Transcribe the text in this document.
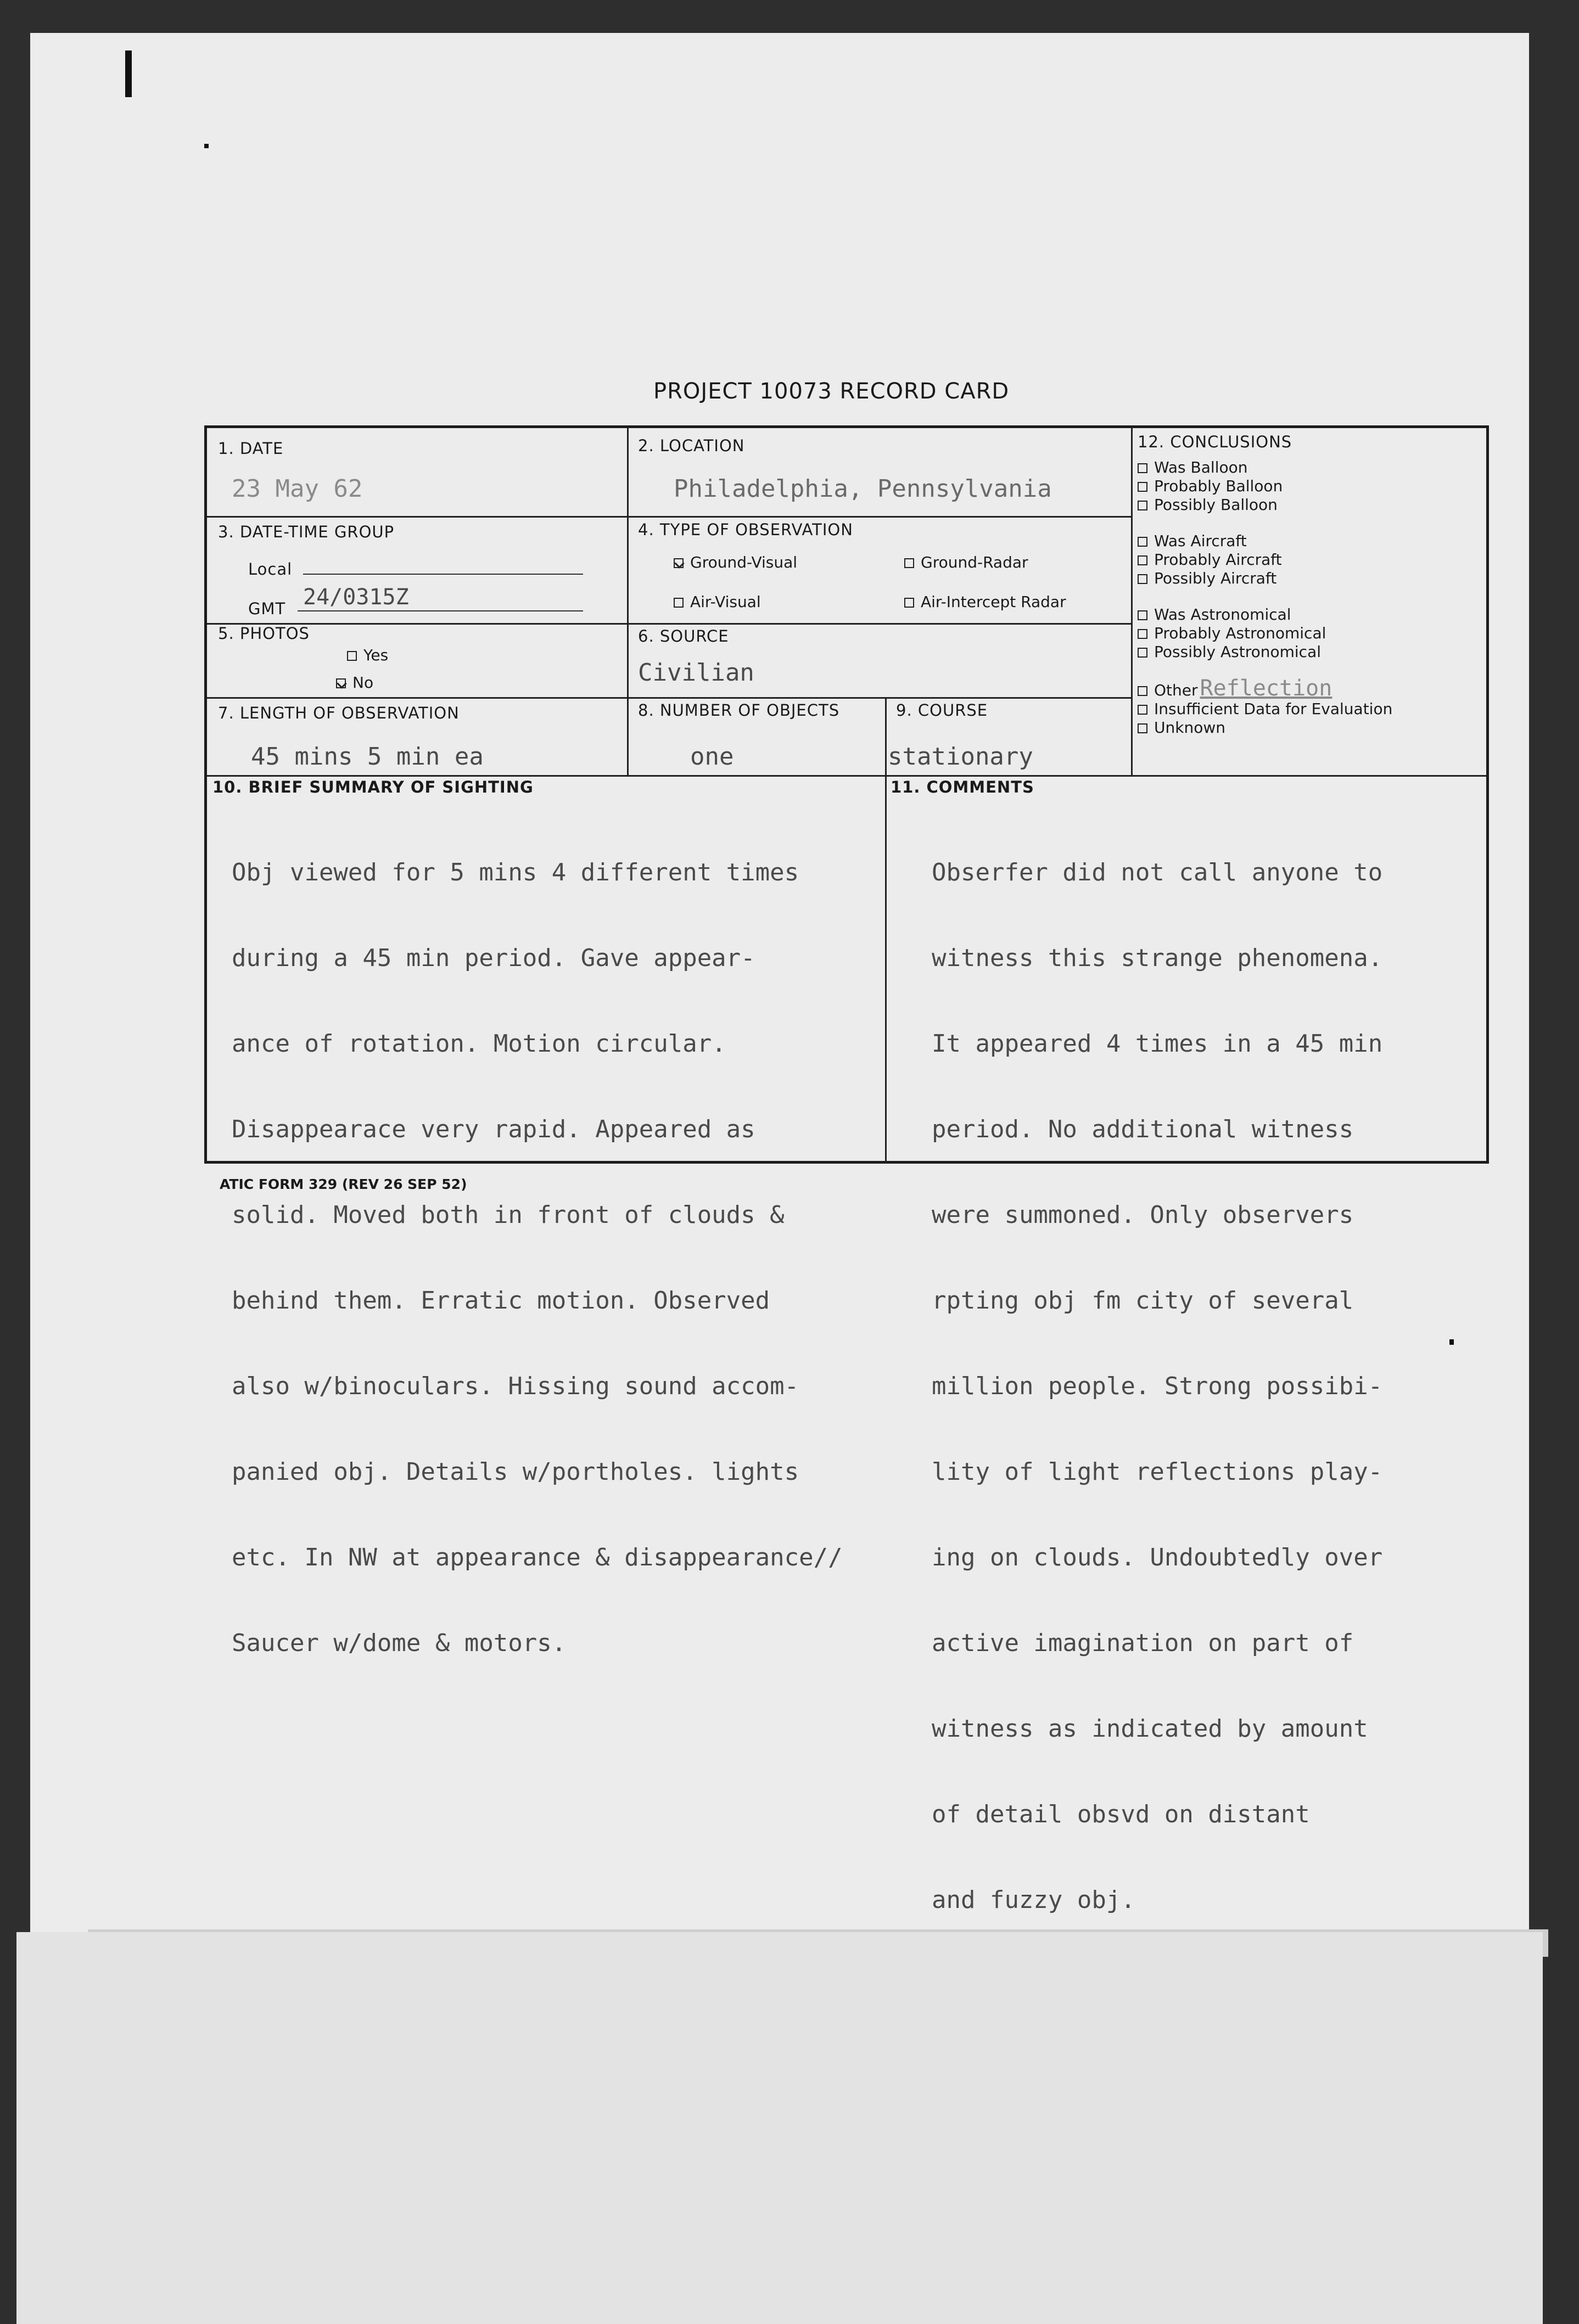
PROJECT 10073 RECORD CARD
1. DATE
23 May 62
2. LOCATION
Philadelphia, Pennsylvania
3. DATE-TIME GROUP
Local
GMT 24/0315Z
4. TYPE OF OBSERVATION
Ground-Visual	Ground-Radar
Air-Visual	Air-Intercept Radar
5. PHOTOS
Yes
No
6. SOURCE
Civilian
7. LENGTH OF OBSERVATION
45 mins 5 min ea
8. NUMBER OF OBJECTS
one
9. COURSE
stationary
12. CONCLUSIONS
Was Balloon
Probably Balloon
Possibly Balloon
Was Aircraft
Probably Aircraft
Possibly Aircraft
Was Astronomical
Probably Astronomical
Possibly Astronomical
Other Reflection
Insufficient Data for Evaluation
Unknown
10. BRIEF SUMMARY OF SIGHTING

Obj viewed for 5 mins 4 different times

during a 45 min period. Gave appear-

ance of rotation. Motion circular.

Disappearace very rapid. Appeared as

solid. Moved both in front of clouds &

behind them. Erratic motion. Observed

also w/binoculars. Hissing sound accom-

panied obj. Details w/portholes. lights

etc. In NW at appearance & disappearance//

Saucer w/dome & motors.

11. COMMENTS

Obserfer did not call anyone to

witness this strange phenomena.

It appeared 4 times in a 45 min

period. No additional witness

were summoned. Only observers

rpting obj fm city of several

million people. Strong possibi-

lity of light reflections play-

ing on clouds. Undoubtedly over

active imagination on part of

witness as indicated by amount

of detail obsvd on distant

and fuzzy obj.

ATIC FORM 329 (REV 26 SEP 52)
